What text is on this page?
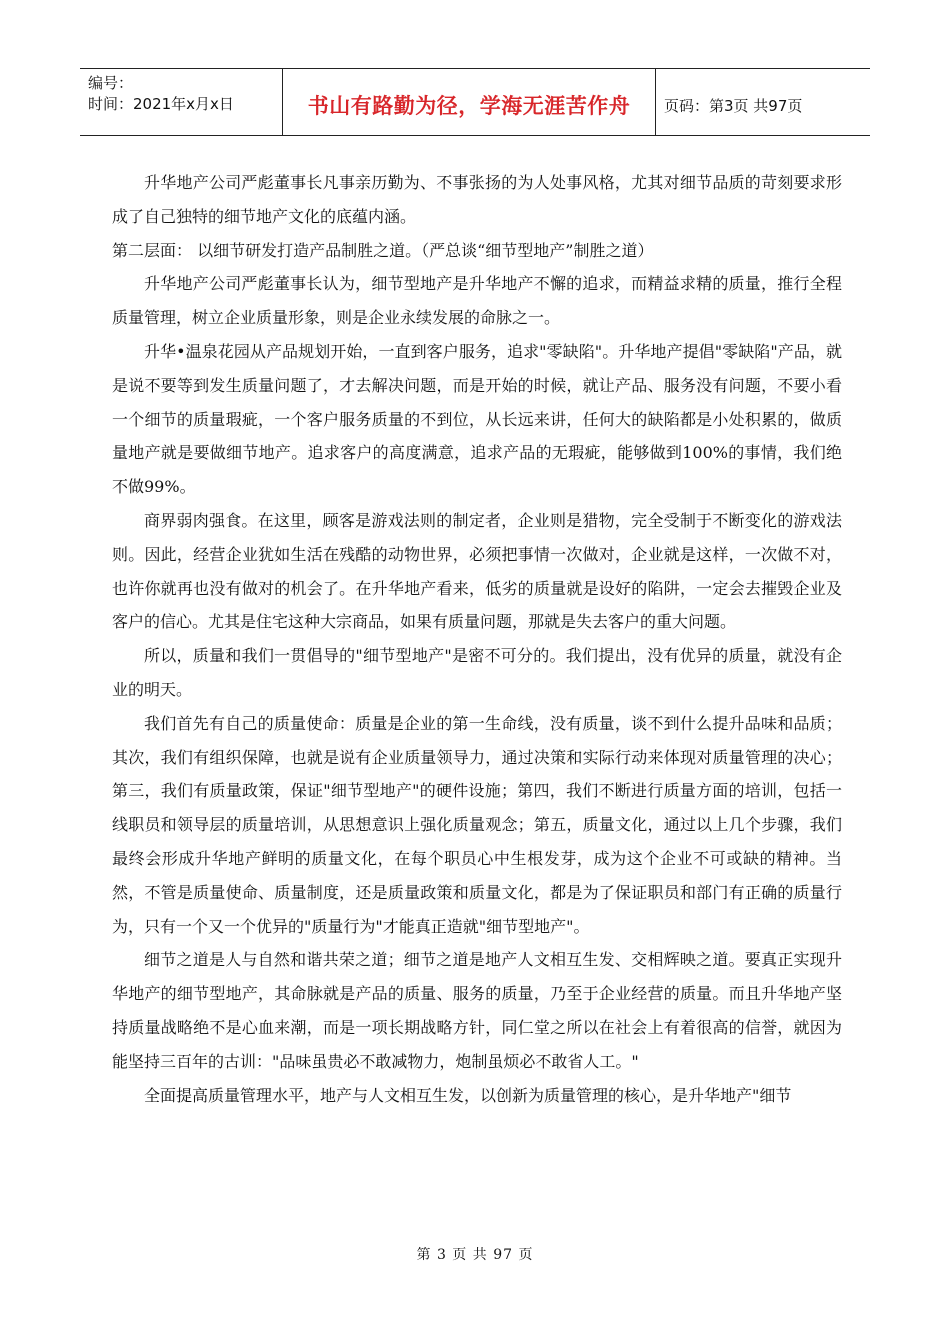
编号：
时间：2021年x月x日	书山有路勤为径，学海无涯苦作舟 页码：第3页 共97页

升华地产公司严彪董事长凡事亲历勤为、不事张扬的为人处事风格，尤其对细节品质的苛刻要求形成了自己独特的细节地产文化的底蕴内涵。

第二层面： 以细节研发打造产品制胜之道。（严总谈“细节型地产”制胜之道）

升华地产公司严彪董事长认为，细节型地产是升华地产不懈的追求，而精益求精的质量，推行全程质量管理，树立企业质量形象，则是企业永续发展的命脉之一。

升华•温泉花园从产品规划开始，一直到客户服务，追求"零缺陷"。升华地产提倡"零缺陷"产品，就是说不要等到发生质量问题了，才去解决问题，而是开始的时候，就让产品、服务没有问题，不要小看一个细节的质量瑕疵，一个客户服务质量的不到位，从长远来讲，任何大的缺陷都是小处积累的，做质量地产就是要做细节地产。追求客户的高度满意，追求产品的无瑕疵，能够做到100%的事情，我们绝不做99%。

商界弱肉强食。在这里，顾客是游戏法则的制定者，企业则是猎物，完全受制于不断变化的游戏法则。因此，经营企业犹如生活在残酷的动物世界，必须把事情一次做对，企业就是这样，一次做不对，也许你就再也没有做对的机会了。在升华地产看来，低劣的质量就是设好的陷阱，一定会去摧毁企业及客户的信心。尤其是住宅这种大宗商品，如果有质量问题，那就是失去客户的重大问题。

所以，质量和我们一贯倡导的"细节型地产"是密不可分的。我们提出，没有优异的质量，就没有企业的明天。

我们首先有自己的质量使命：质量是企业的第一生命线，没有质量，谈不到什么提升品味和品质；其次，我们有组织保障，也就是说有企业质量领导力，通过决策和实际行动来体现对质量管理的决心；第三，我们有质量政策，保证"细节型地产"的硬件设施；第四，我们不断进行质量方面的培训，包括一线职员和领导层的质量培训，从思想意识上强化质量观念；第五，质量文化，通过以上几个步骤，我们最终会形成升华地产鲜明的质量文化，在每个职员心中生根发芽，成为这个企业不可或缺的精神。当然，不管是质量使命、质量制度，还是质量政策和质量文化，都是为了保证职员和部门有正确的质量行为，只有一个又一个优异的"质量行为"才能真正造就"细节型地产"。

细节之道是人与自然和谐共荣之道；细节之道是地产人文相互生发、交相辉映之道。要真正实现升华地产的细节型地产，其命脉就是产品的质量、服务的质量，乃至于企业经营的质量。而且升华地产坚持质量战略绝不是心血来潮，而是一项长期战略方针，同仁堂之所以在社会上有着很高的信誉，就因为能坚持三百年的古训："品味虽贵必不敢减物力，炮制虽烦必不敢省人工。"

全面提高质量管理水平，地产与人文相互生发，以创新为质量管理的核心，是升华地产"细节

第 3 页 共 97 页
